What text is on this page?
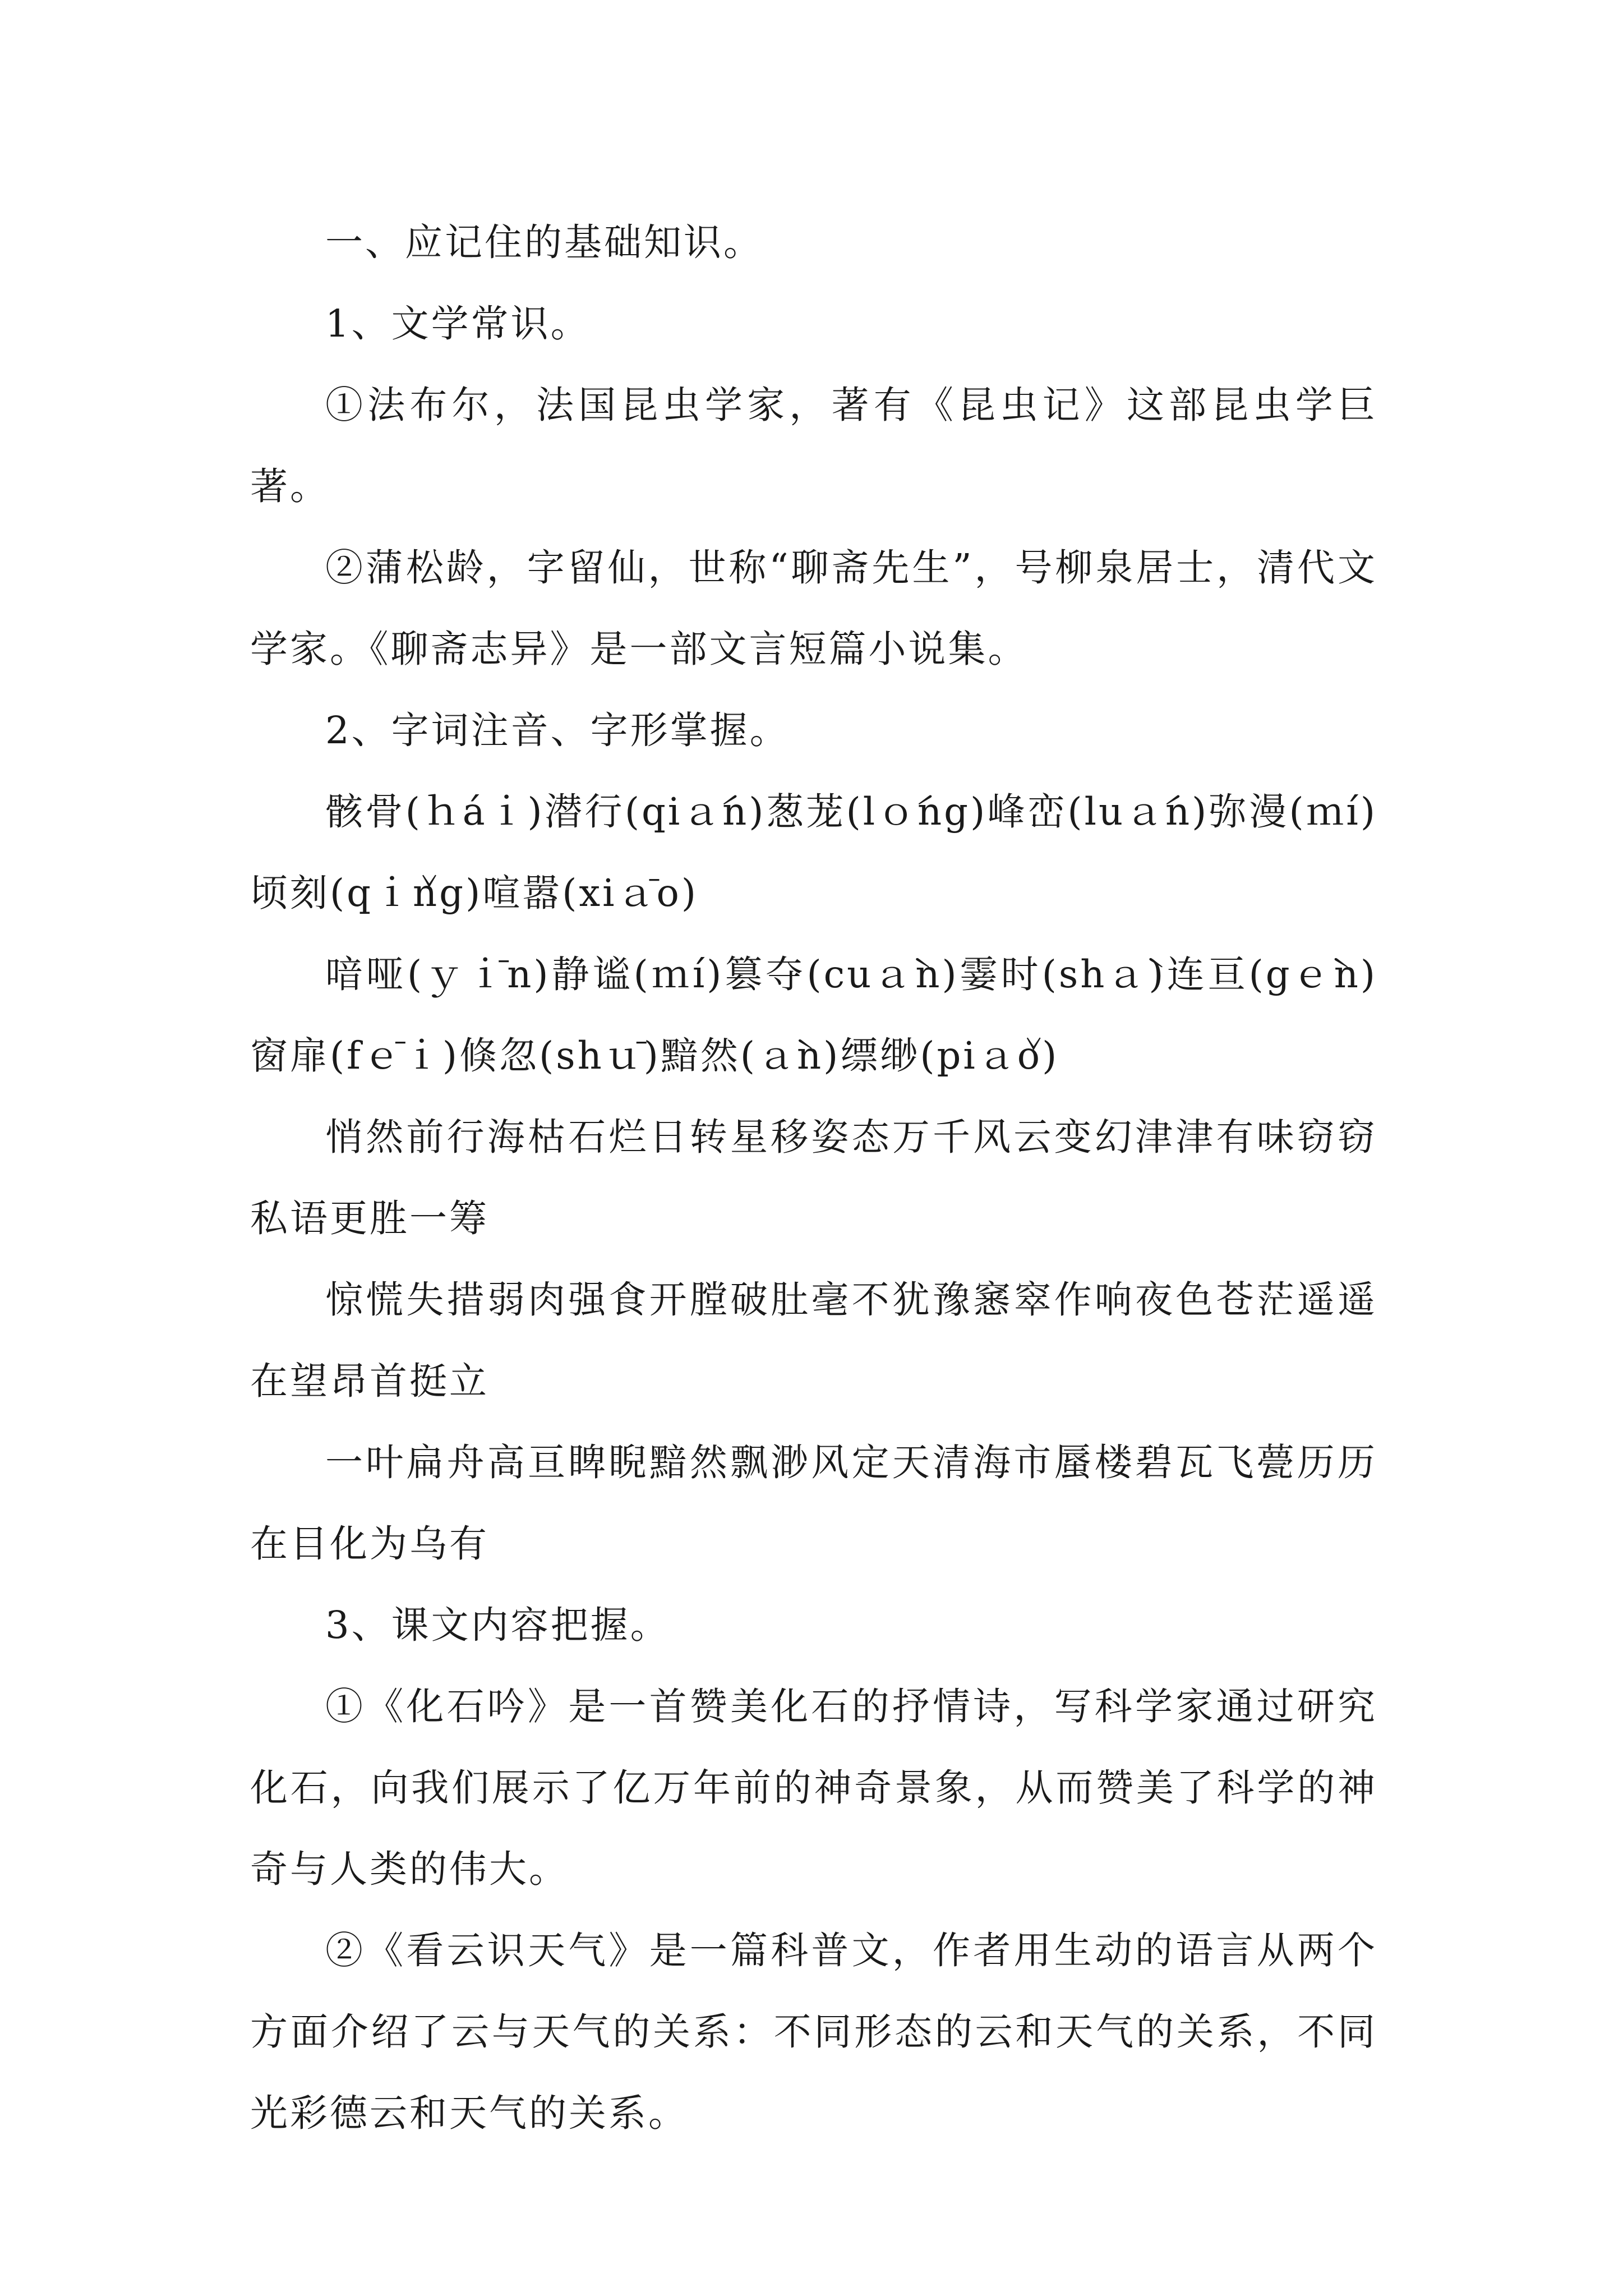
一、应记住的基础知识。

1、文学常识。

①法布尔，法国昆虫学家，著有《昆虫记》这部昆虫学巨著。

②蒲松龄，字留仙，世称“聊斋先生”，号柳泉居士，清代文学家。《聊斋志异》是一部文言短篇小说集。

2、字词注音、字形掌握。

骸骨(ｈáｉ)潜行(qiａ́n)葱茏(lｏ́ng)峰峦(luａ́n)弥漫(ｍí)顷刻(qｉ̌ng)喧嚣(xiａ̄o)

喑哑(ｙｉ̄n)静谧(ｍí)篡夺(cuａ̀n)霎时(shａ̀)连亘(gｅ̀n)窗扉(fｅ̄ｉ)倏忽(shｕ̄)黯然(ａ̀n)缥缈(piａ̌o)

悄然前行海枯石烂日转星移姿态万千风云变幻津津有味窃窃私语更胜一筹

惊慌失措弱肉强食开膛破肚毫不犹豫窸窣作响夜色苍茫遥遥在望昂首挺立

一叶扁舟高亘睥睨黯然飘渺风定天清海市蜃楼碧瓦飞甍历历在目化为乌有

3、课文内容把握。

①《化石吟》是一首赞美化石的抒情诗，写科学家通过研究化石，向我们展示了亿万年前的神奇景象，从而赞美了科学的神奇与人类的伟大。

②《看云识天气》是一篇科普文，作者用生动的语言从两个方面介绍了云与天气的关系：不同形态的云和天气的关系，不同光彩德云和天气的关系。
